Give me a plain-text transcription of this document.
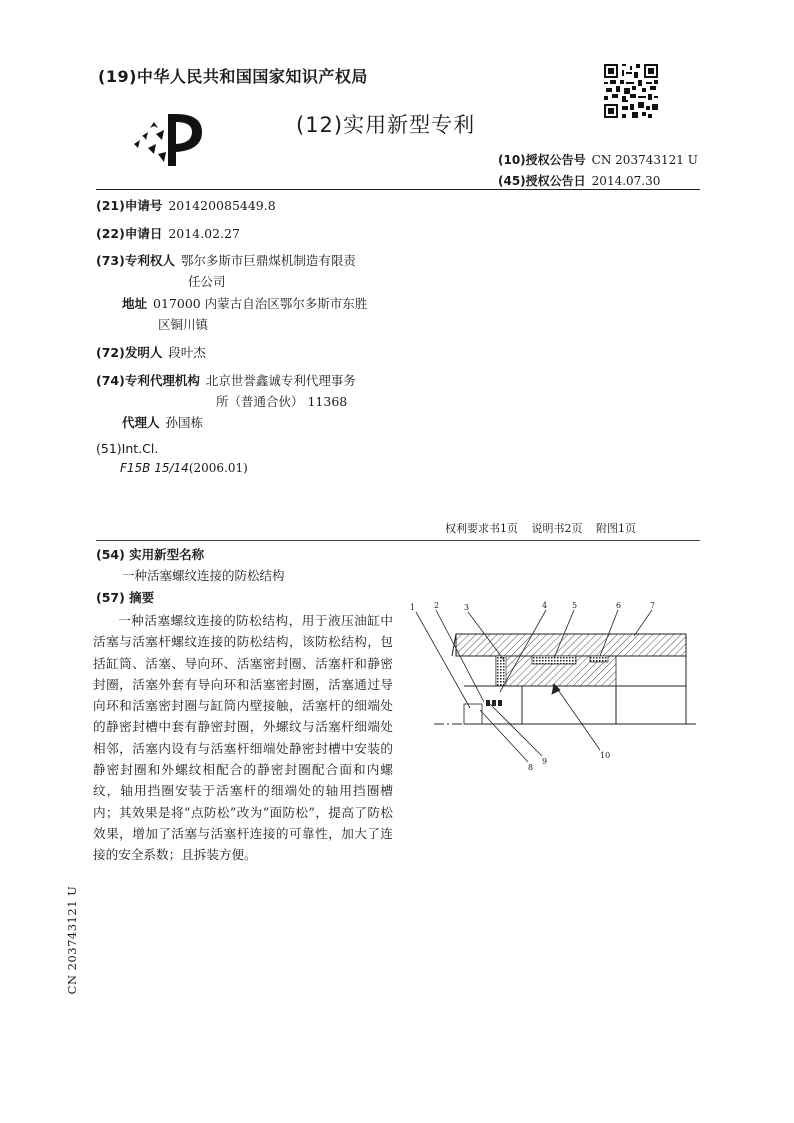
(19)中华人民共和国国家知识产权局
(12)实用新型专利
(10)授权公告号 CN 203743121 U
(45)授权公告日 2014.07.30
(21)申请号 201420085449.8
(22)申请日 2014.02.27
(73)专利权人 鄂尔多斯市巨鼎煤机制造有限责
任公司
地址 017000 内蒙古自治区鄂尔多斯市东胜
区铜川镇
(72)发明人 段叶杰
(74)专利代理机构 北京世誉鑫诚专利代理事务
所（普通合伙） 11368
代理人 孙国栋
(51)Int.Cl.
F15B 15/14(2006.01)
权利要求书1页 说明书2页 附图1页
(54) 实用新型名称
一种活塞螺纹连接的防松结构
(57) 摘要

一种活塞螺纹连接的防松结构，用于液压油缸中活塞与活塞杆螺纹连接的防松结构，该防松结构，包括缸筒、活塞、导向环、活塞密封圈、活塞杆和静密封圈，活塞外套有导向环和活塞密封圈，活塞通过导向环和活塞密封圈与缸筒内壁接触，活塞杆的细端处的静密封槽中套有静密封圈，外螺纹与活塞杆细端处相邻，活塞内设有与活塞杆细端处静密封槽中安装的静密封圈和外螺纹相配合的静密封圈配合面和内螺纹，轴用挡圈安装于活塞杆的细端处的轴用挡圈槽内；其效果是将“点防松”改为“面防松”，提高了防松效果，增加了活塞与活塞杆连接的可靠性，加大了连接的安全系数；且拆装方便。

1 2	3	4	5	6	7
8
9
10
CN 203743121 U
